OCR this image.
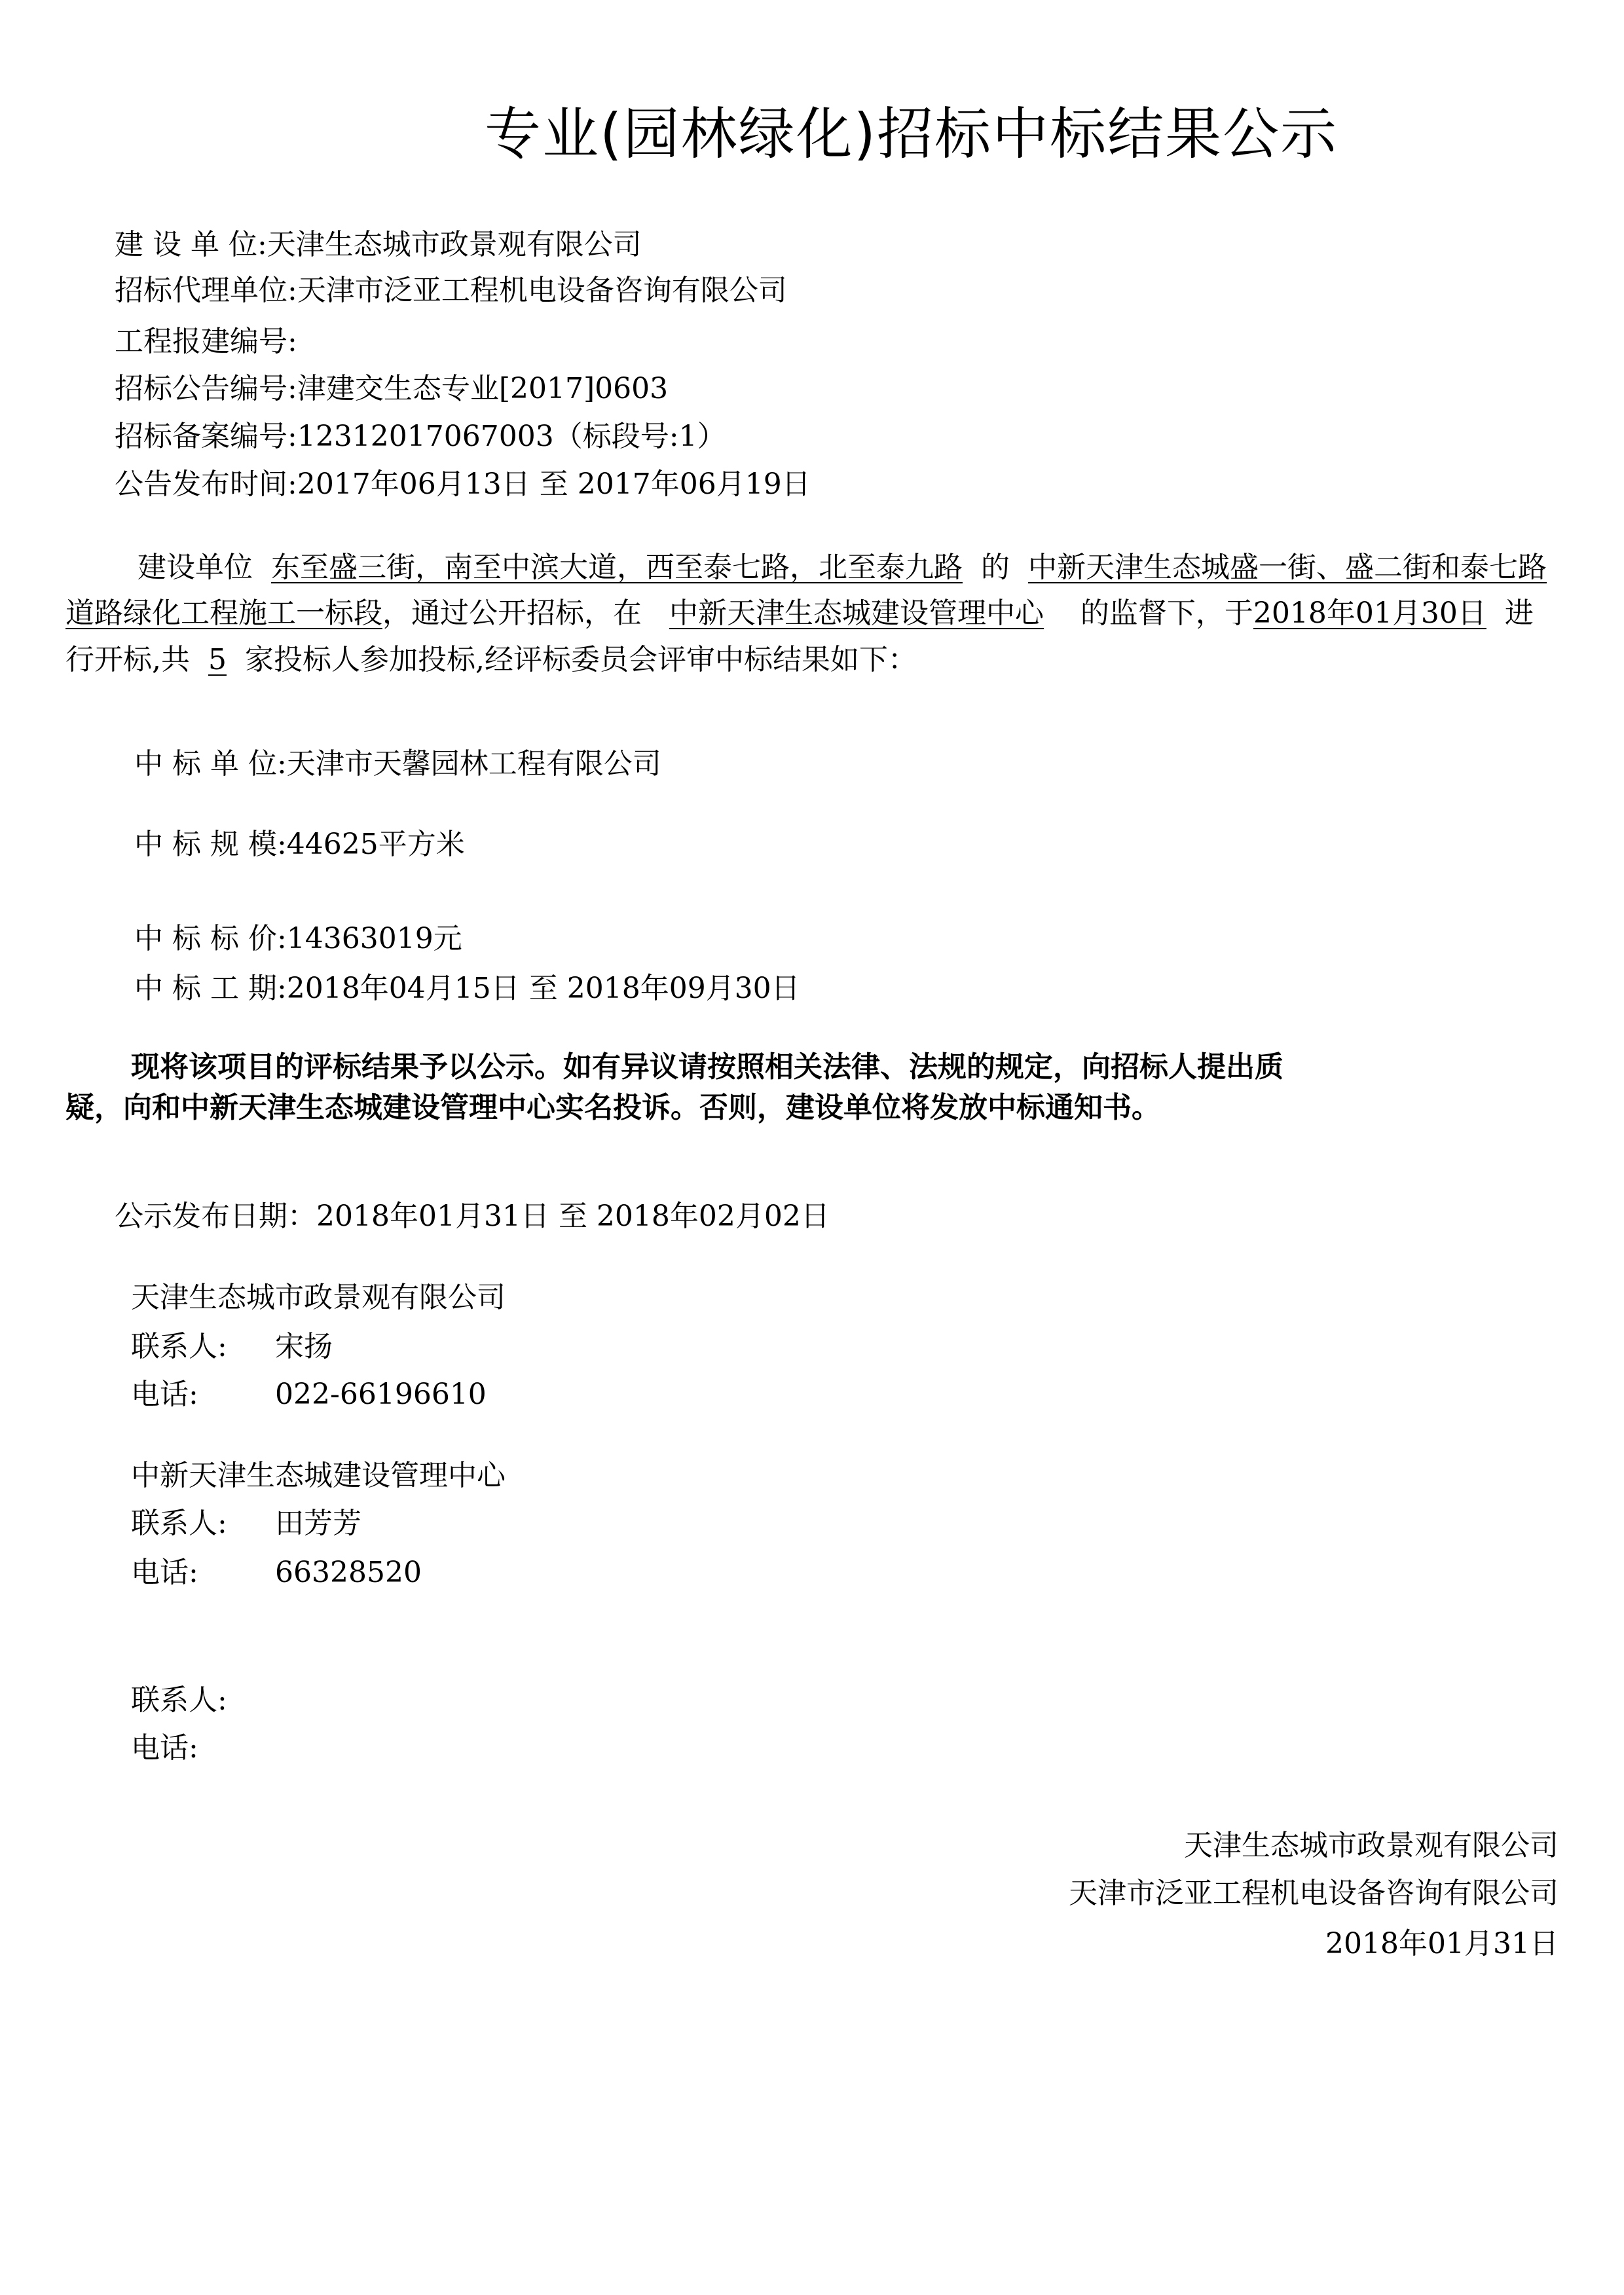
专业(园林绿化)招标中标结果公示
建 设 单 位:天津生态城市政景观有限公司
招标代理单位:天津市泛亚工程机电设备咨询有限公司
工程报建编号:
招标公告编号:津建交生态专业[2017]0603
招标备案编号:12312017067003（标段号:1）
公告发布时间:2017年06月13日 至 2017年06月19日
建设单位 东至盛三街，南至中滨大道，西至泰七路，北至泰九路 的 中新天津生态城盛一街、盛二街和泰七路道路绿化工程施工一标段，通过公开招标，在 中新天津生态城建设管理中心 的监督下，于2018年01月30日 进行开标,共 5 家投标人参加投标,经评标委员会评审中标结果如下：
中 标 单 位:天津市天馨园林工程有限公司
中 标 规 模:44625平方米
中 标 标 价:14363019元
中 标 工 期:2018年04月15日 至 2018年09月30日
现将该项目的评标结果予以公示。如有异议请按照相关法律、法规的规定，向招标人提出质
疑，向和中新天津生态城建设管理中心实名投诉。否则，建设单位将发放中标通知书。
公示发布日期：2018年01月31日 至 2018年02月02日
天津生态城市政景观有限公司
联系人: 宋扬
电话:	022-66196610
中新天津生态城建设管理中心
联系人: 田芳芳
电话:	66328520
联系人:
电话:
天津生态城市政景观有限公司
天津市泛亚工程机电设备咨询有限公司
2018年01月31日
